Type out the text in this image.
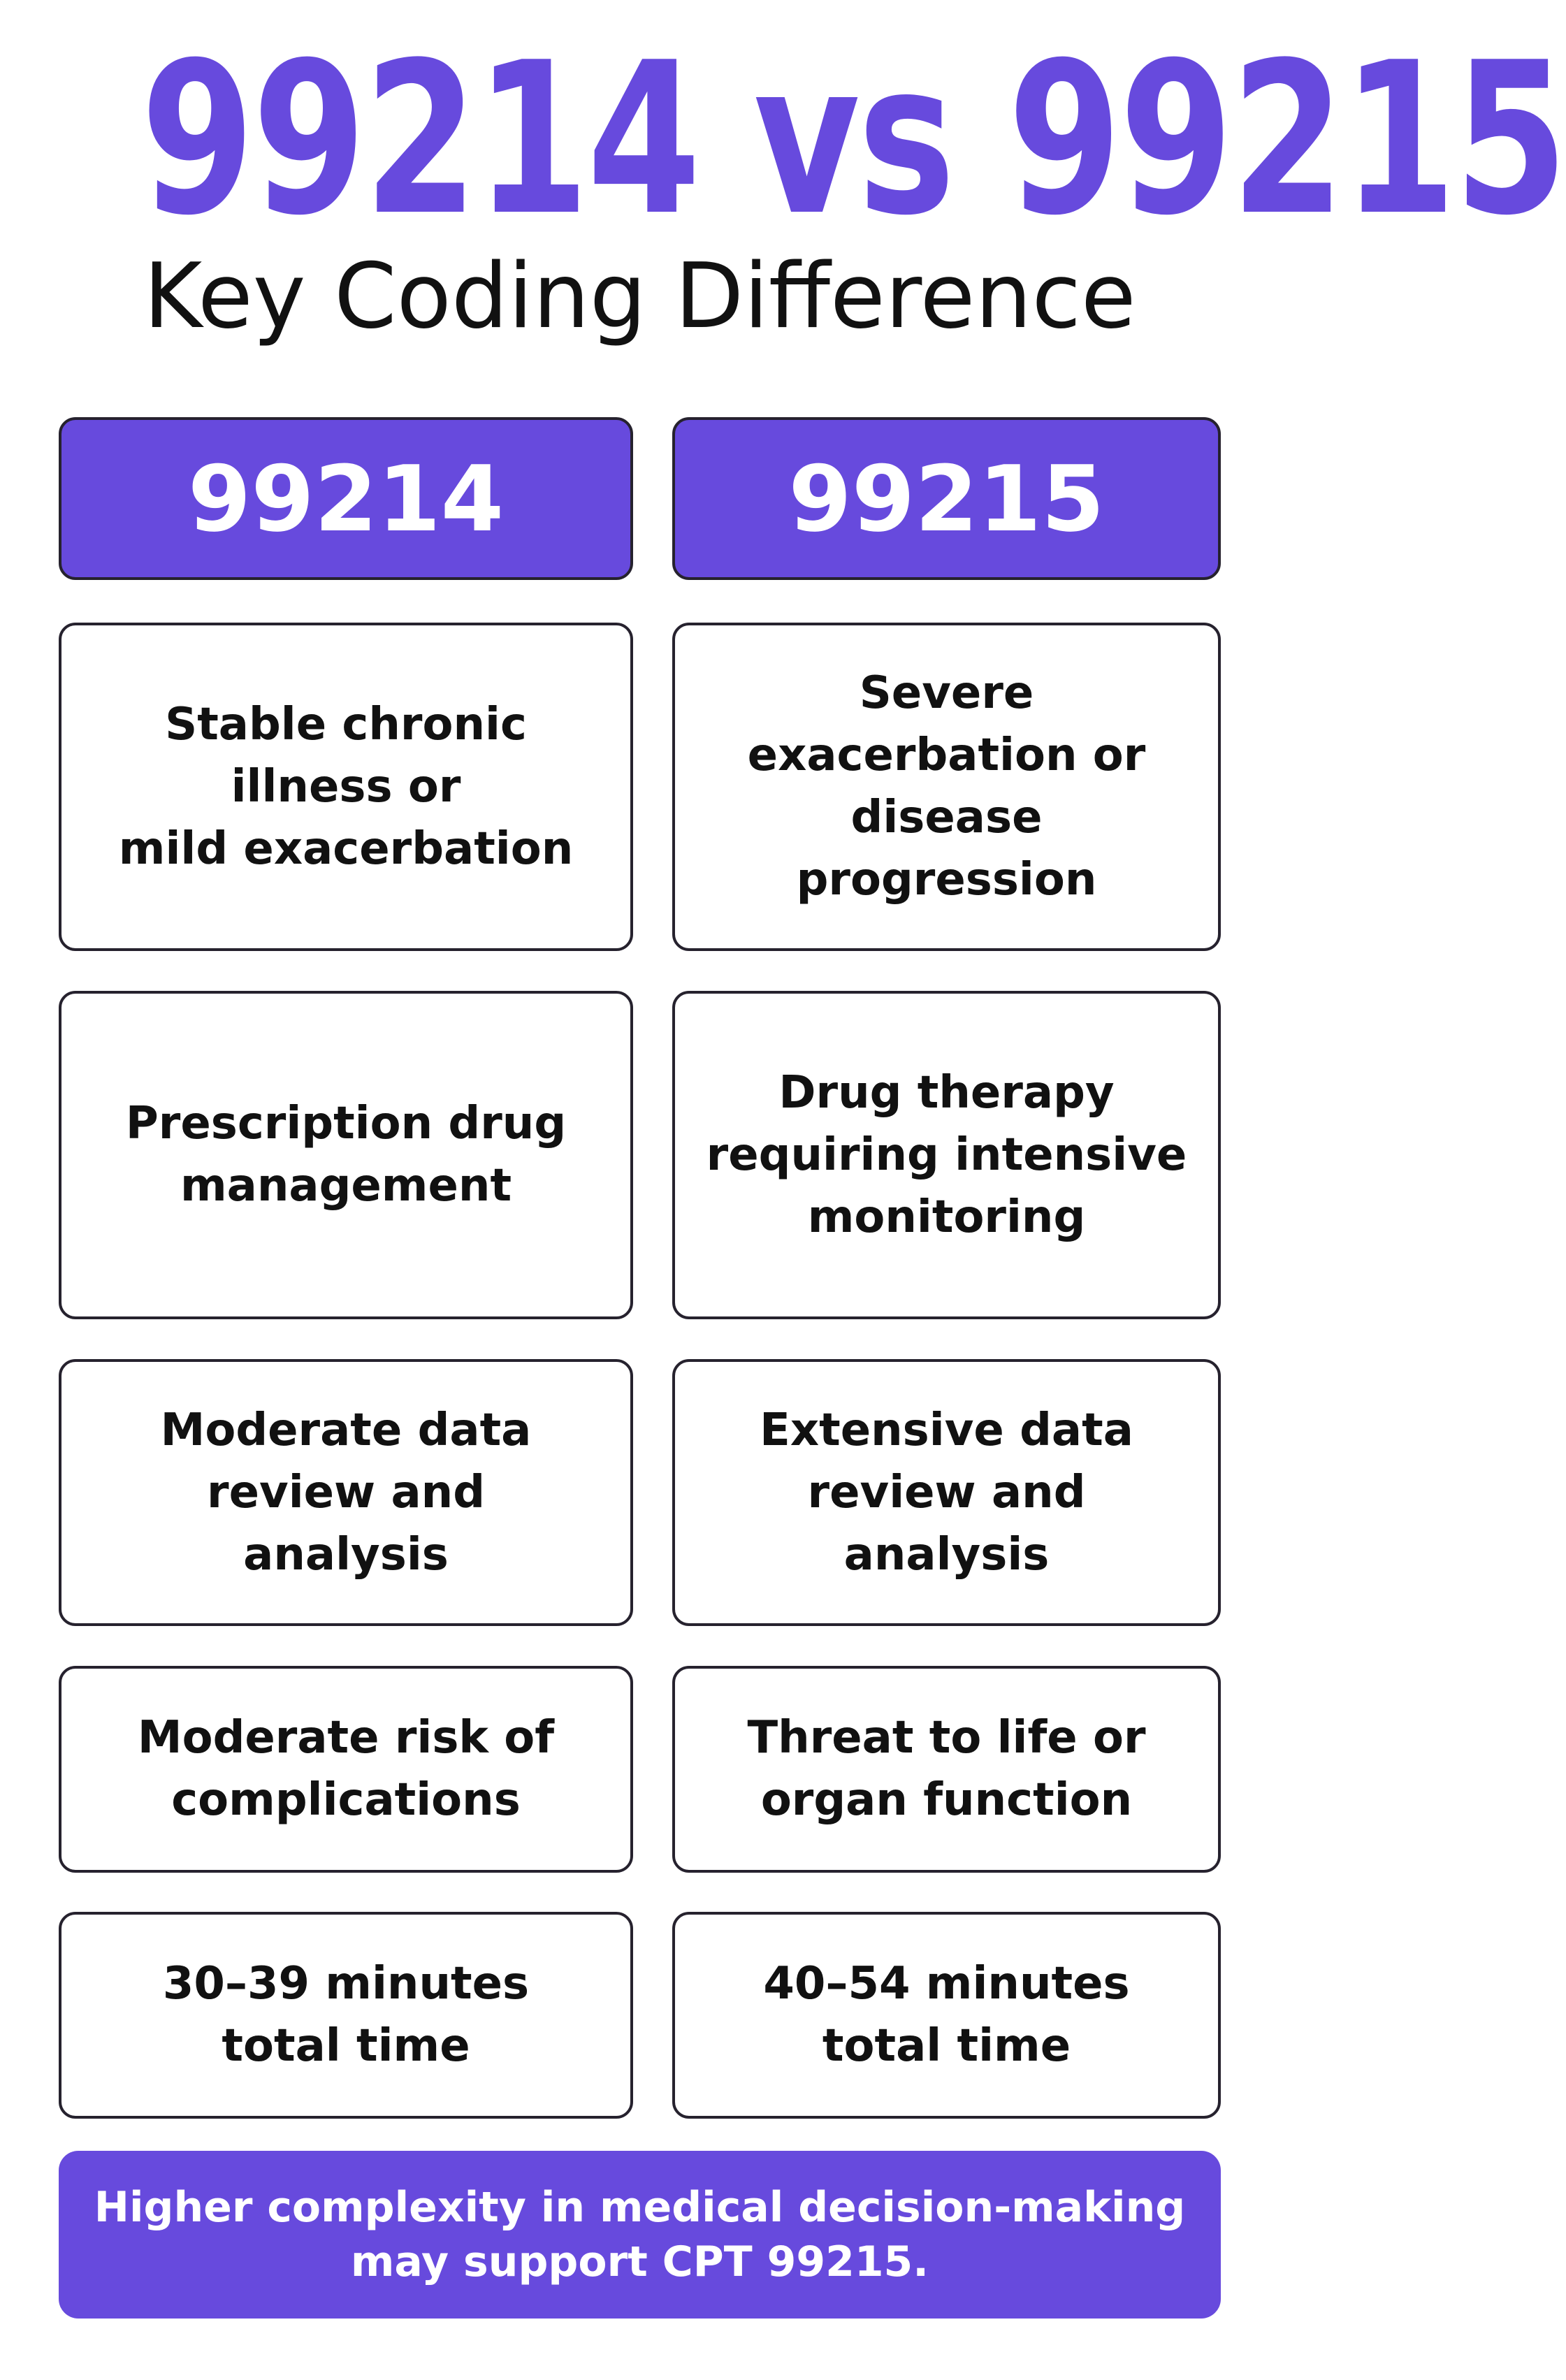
99214 vs 99215
Key Coding Difference
99214	99215
Stable chronic
illness or
mild exacerbation
Severe
exacerbation or
disease
progression
Prescription drug
management
Drug therapy
requiring intensive
monitoring
Moderate data
review and
analysis
Extensive data
review and
analysis
Moderate risk of
complications
Threat to life or
organ function
30–39 minutes
total time
40–54 minutes
total time
Higher complexity in medical decision-making
may support CPT 99215.
